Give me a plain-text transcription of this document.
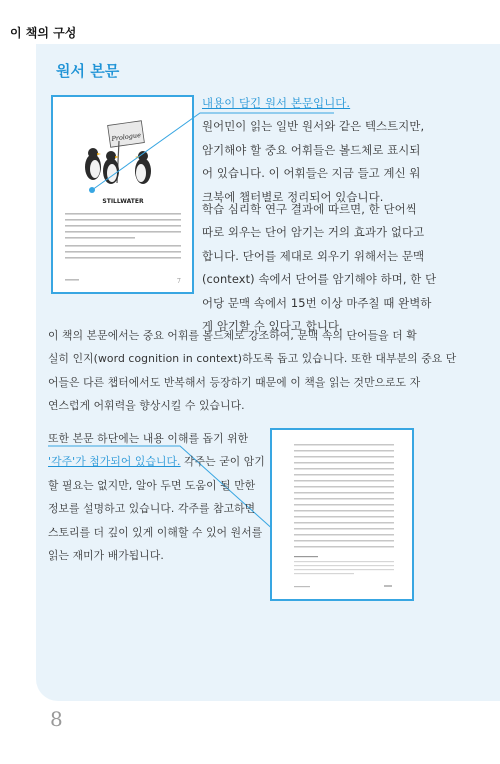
이 책의 구성
원서 본문
Prologue
STILLWATER
7
내용이 담긴 원서 본문입니다.
원어민이 읽는 일반 원서와 같은 텍스트지만,
암기해야 할 중요 어휘들은 볼드체로 표시되
어 있습니다. 이 어휘들은 지금 들고 계신 워
크북에 챕터별로 정리되어 있습니다.
학습 심리학 연구 결과에 따르면, 한 단어씩
따로 외우는 단어 암기는 거의 효과가 없다고
합니다. 단어를 제대로 외우기 위해서는 문맥
(context) 속에서 단어를 암기해야 하며, 한 단
어당 문맥 속에서 15번 이상 마주칠 때 완벽하
게 암기할 수 있다고 합니다.
이 책의 본문에서는 중요 어휘를 볼드체로 강조하여, 문맥 속의 단어들을 더 확
실히 인지(word cognition in context)하도록 돕고 있습니다. 또한 대부분의 중요 단
어들은 다른 챕터에서도 반복해서 등장하기 때문에 이 책을 읽는 것만으로도 자
연스럽게 어휘력을 향상시킬 수 있습니다.
또한 본문 하단에는 내용 이해를 돕기 위한
'각주'가 첨가되어 있습니다. 각주는 굳이 암기
할 필요는 없지만, 알아 두면 도움이 될 만한
정보를 설명하고 있습니다. 각주를 참고하면
스토리를 더 깊이 있게 이해할 수 있어 원서를
읽는 재미가 배가됩니다.
8
